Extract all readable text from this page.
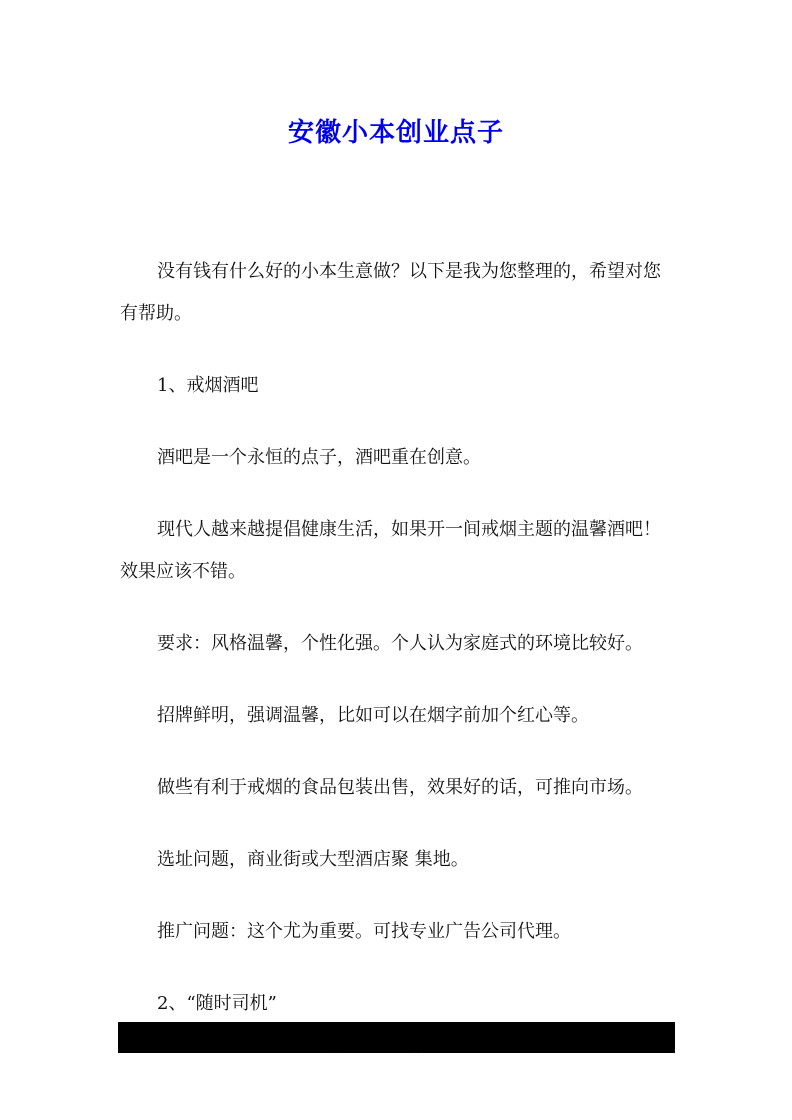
安徽小本创业点子

没有钱有什么好的小本生意做？以下是我为您整理的，希望对您有帮助。

1、戒烟酒吧

酒吧是一个永恒的点子，酒吧重在创意。

现代人越来越提倡健康生活，如果开一间戒烟主题的温馨酒吧！效果应该不错。

要求：风格温馨，个性化强。个人认为家庭式的环境比较好。

招牌鲜明，强调温馨，比如可以在烟字前加个红心等。

做些有利于戒烟的食品包装出售，效果好的话，可推向市场。

选址问题，商业街或大型酒店聚 集地。

推广问题：这个尤为重要。可找专业广告公司代理。

2、“随时司机”

第 1  页   /   总共5  页
